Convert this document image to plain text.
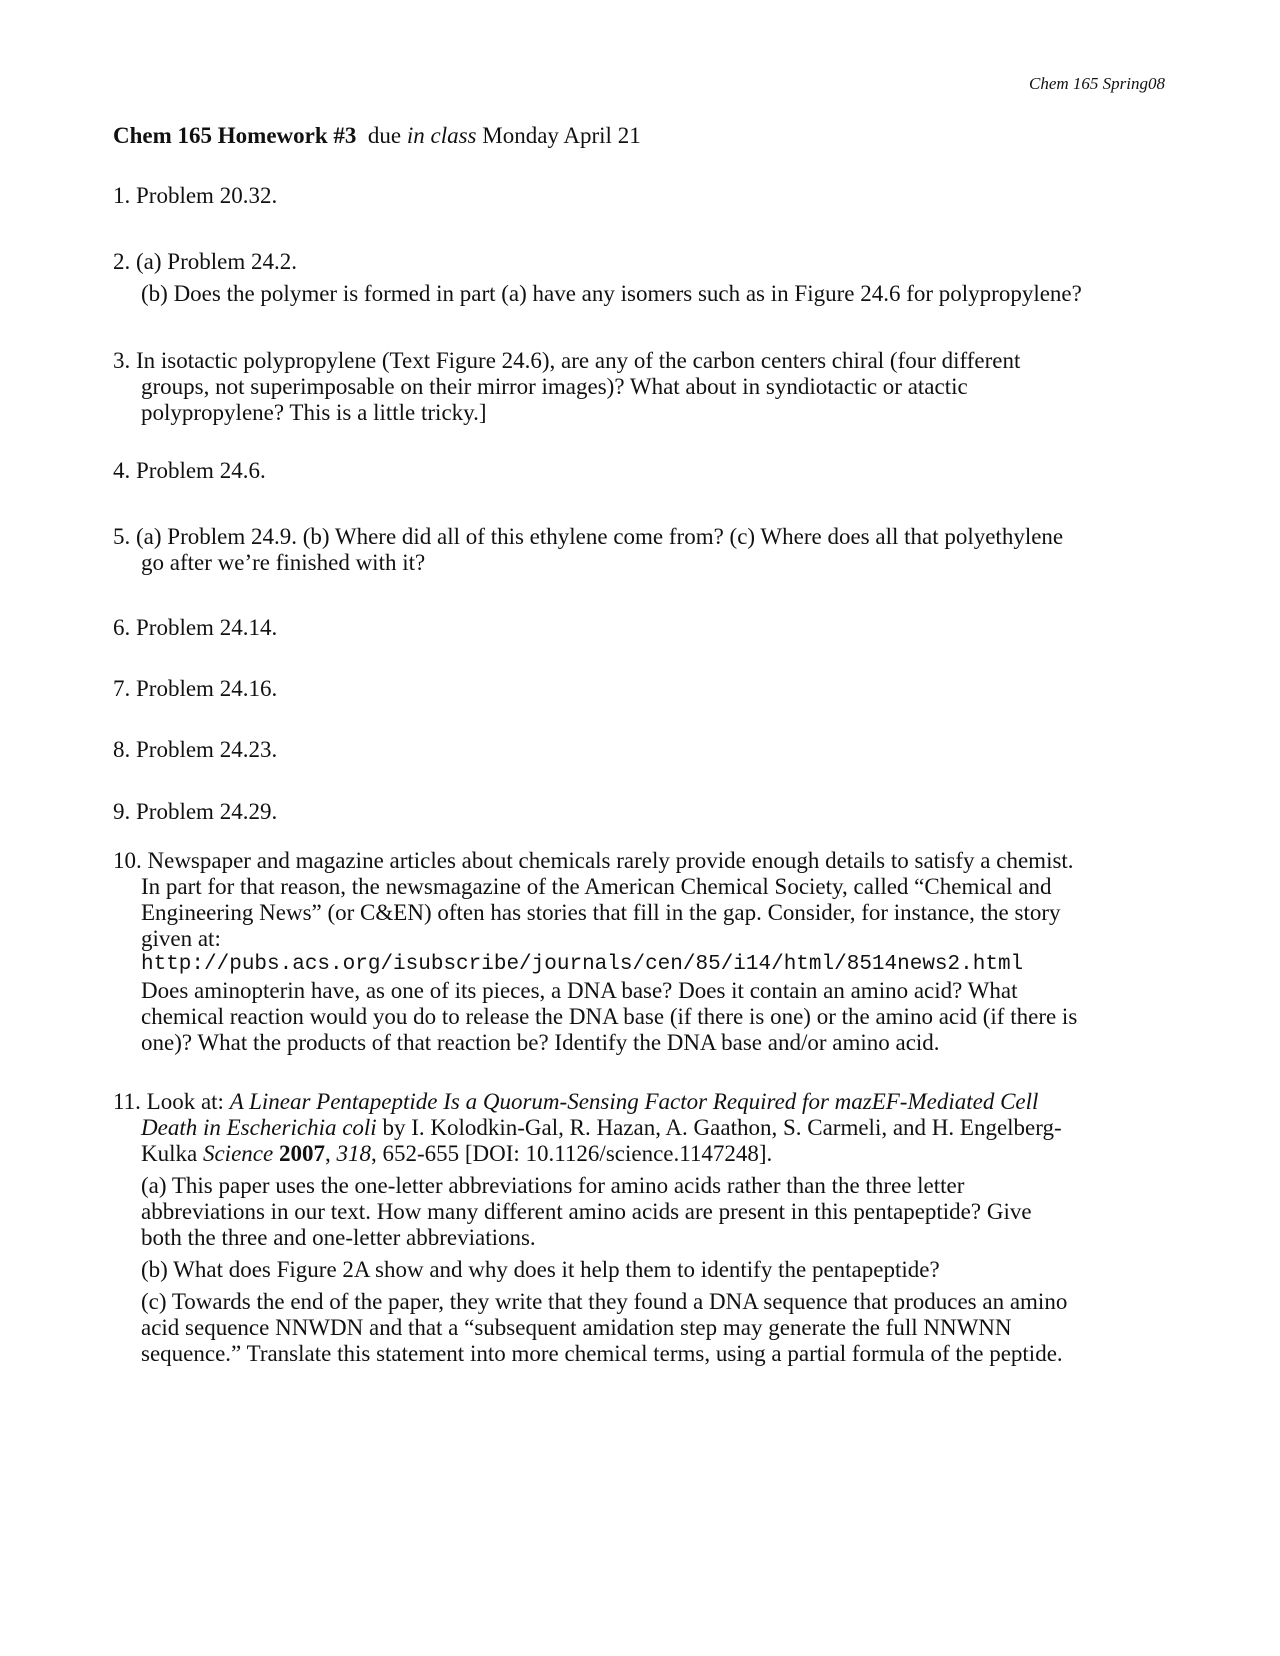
Chem 165 Spring08
Chem 165 Homework #3 due in class Monday April 21
1. Problem 20.32.
2. (a) Problem 24.2.
(b) Does the polymer is formed in part (a) have any isomers such as in Figure 24.6 for polypropylene?
3. In isotactic polypropylene (Text Figure 24.6), are any of the carbon centers chiral (four different
groups, not superimposable on their mirror images)? What about in syndiotactic or atactic
polypropylene? This is a little tricky.]
4. Problem 24.6.
5. (a) Problem 24.9. (b) Where did all of this ethylene come from? (c) Where does all that polyethylene
go after we’re finished with it?
6. Problem 24.14.
7. Problem 24.16.
8. Problem 24.23.
9. Problem 24.29.
10. Newspaper and magazine articles about chemicals rarely provide enough details to satisfy a chemist.
In part for that reason, the newsmagazine of the American Chemical Society, called “Chemical and
Engineering News” (or C&EN) often has stories that fill in the gap. Consider, for instance, the story
given at:
http://pubs.acs.org/isubscribe/journals/cen/85/i14/html/8514news2.html
Does aminopterin have, as one of its pieces, a DNA base? Does it contain an amino acid? What
chemical reaction would you do to release the DNA base (if there is one) or the amino acid (if there is
one)? What the products of that reaction be? Identify the DNA base and/or amino acid.
11. Look at: A Linear Pentapeptide Is a Quorum-Sensing Factor Required for mazEF-Mediated Cell
Death in Escherichia coli by I. Kolodkin-Gal, R. Hazan, A. Gaathon, S. Carmeli, and H. Engelberg-
Kulka Science 2007, 318, 652-655 [DOI: 10.1126/science.1147248].
(a) This paper uses the one-letter abbreviations for amino acids rather than the three letter
abbreviations in our text. How many different amino acids are present in this pentapeptide? Give
both the three and one-letter abbreviations.
(b) What does Figure 2A show and why does it help them to identify the pentapeptide?
(c) Towards the end of the paper, they write that they found a DNA sequence that produces an amino
acid sequence NNWDN and that a “subsequent amidation step may generate the full NNWNN
sequence.” Translate this statement into more chemical terms, using a partial formula of the peptide.
